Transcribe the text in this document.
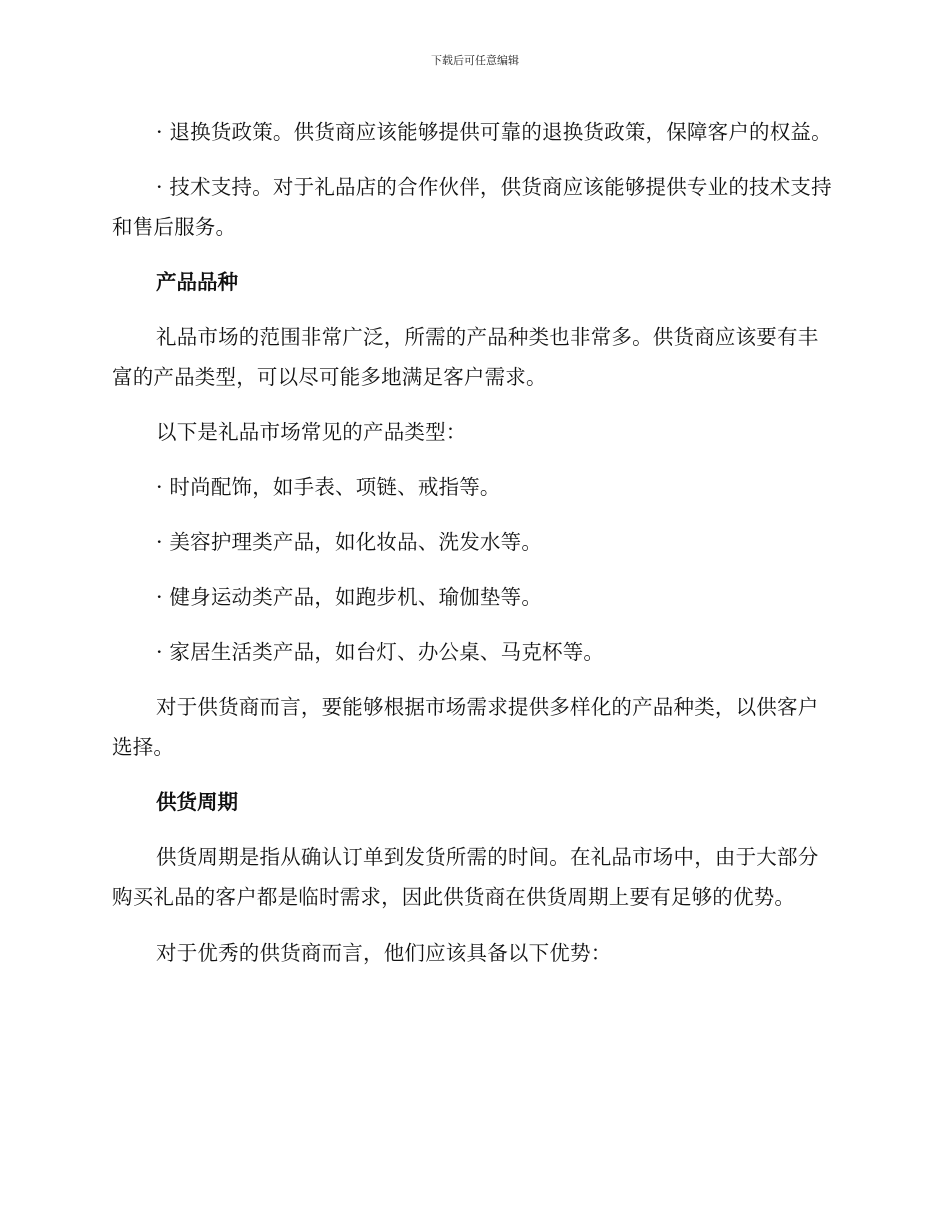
下载后可任意编辑

· 退换货政策。供货商应该能够提供可靠的退换货政策，保障客户的权益。

· 技术支持。对于礼品店的合作伙伴，供货商应该能够提供专业的技术支持和售后服务。

产品品种

礼品市场的范围非常广泛，所需的产品种类也非常多。供货商应该要有丰富的产品类型，可以尽可能多地满足客户需求。

以下是礼品市场常见的产品类型：

· 时尚配饰，如手表、项链、戒指等。

· 美容护理类产品，如化妆品、洗发水等。

· 健身运动类产品，如跑步机、瑜伽垫等。

· 家居生活类产品，如台灯、办公桌、马克杯等。

对于供货商而言，要能够根据市场需求提供多样化的产品种类，以供客户选择。

供货周期

供货周期是指从确认订单到发货所需的时间。在礼品市场中，由于大部分购买礼品的客户都是临时需求，因此供货商在供货周期上要有足够的优势。

对于优秀的供货商而言，他们应该具备以下优势：
